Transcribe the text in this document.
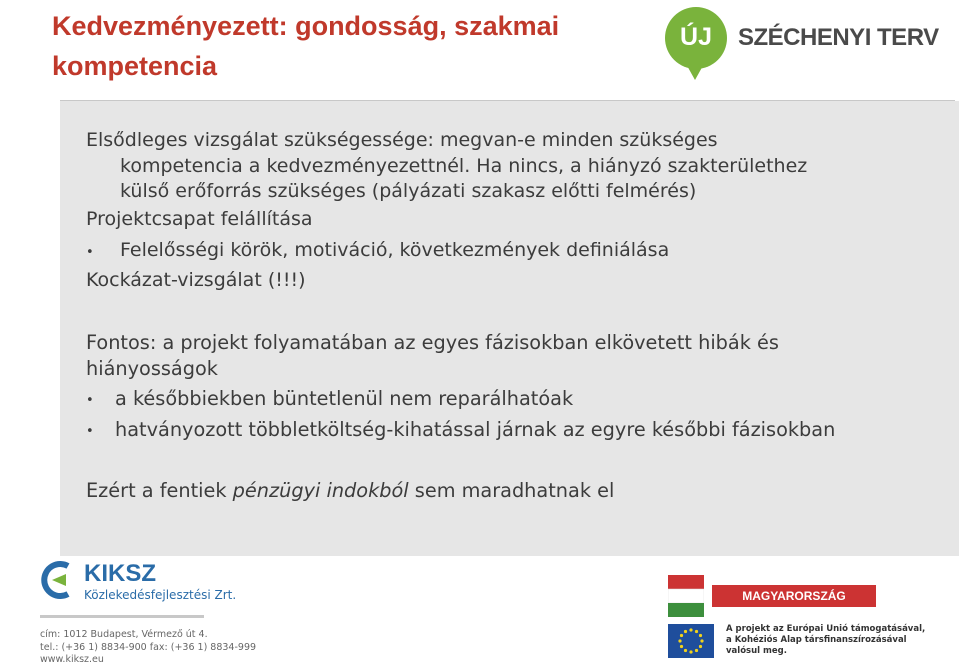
Kedvezményezett: gondosság, szakmai
kompetencia
ÚJ	SZÉCHENYI TERV
Elsődleges vizsgálat szükségessége: megvan-e minden szükséges
kompetencia a kedvezményezettnél. Ha nincs, a hiányzó szakterülethez
külső erőforrás szükséges (pályázati szakasz előtti felmérés)
Projektcsapat felállítása
• Felelősségi körök, motiváció, következmények definiálása
Kockázat-vizsgálat (!!!)
Fontos: a projekt folyamatában az egyes fázisokban elkövetett hibák és
hiányosságok
• a későbbiekben büntetlenül nem reparálhatóak
• hatványozott többletköltség-kihatással járnak az egyre későbbi fázisokban
Ezért a fentiek pénzügyi indokból sem maradhatnak el
KIKSZ
Közlekedésfejlesztési Zrt.
cím: 1012 Budapest, Vérmező út 4.
tel.: (+36 1) 8834-900 fax: (+36 1) 8834-999
www.kiksz.eu
MAGYARORSZÁG MEGÚJUL
A projekt az Európai Unió támogatásával,
a Kohéziós Alap társfinanszírozásával
valósul meg.
